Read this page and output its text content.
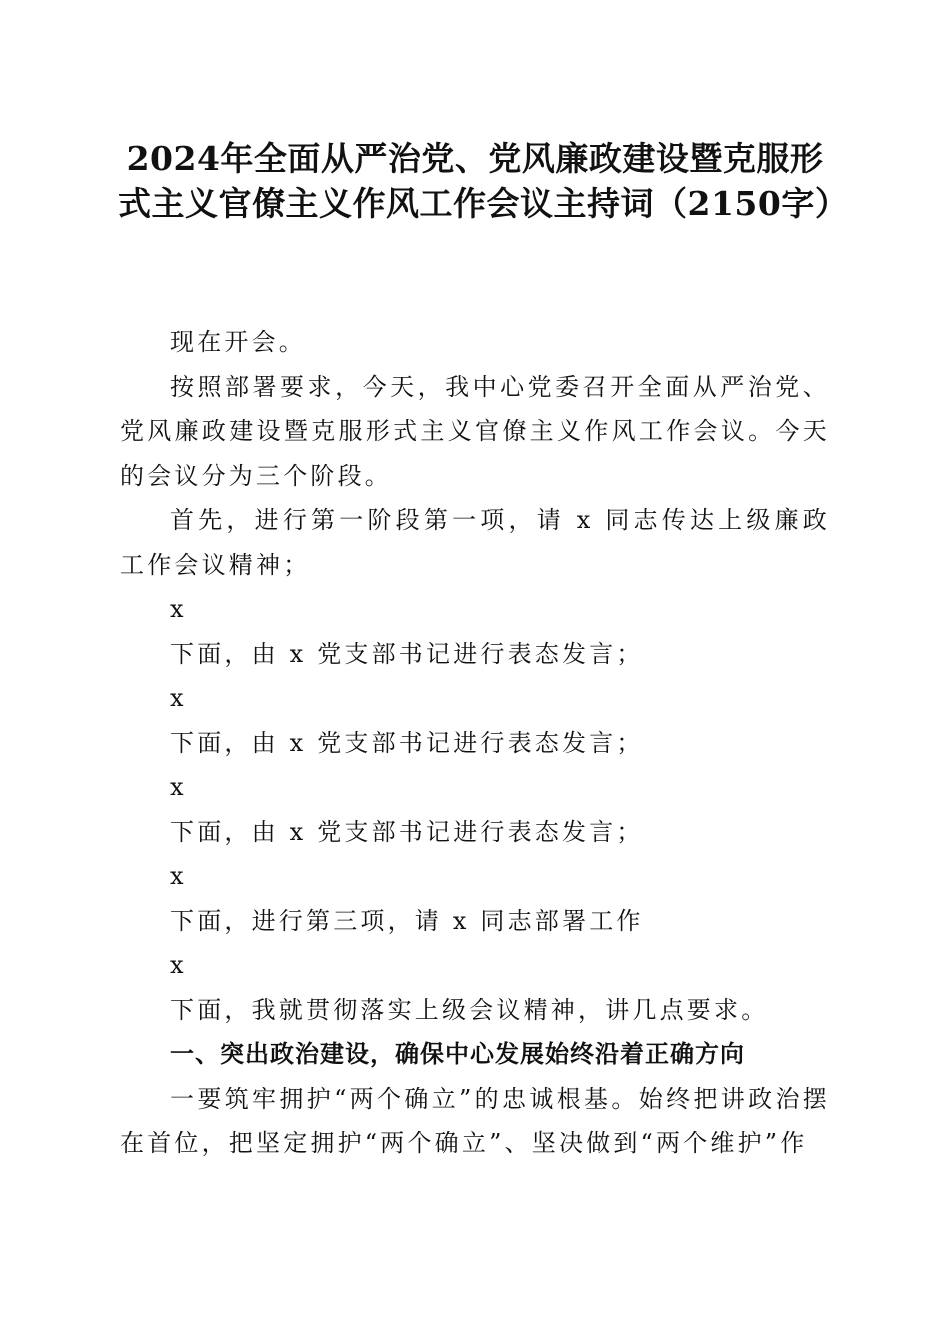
2024年全面从严治党、党风廉政建设暨克服形式主义官僚主义作风工作会议主持词（2150字）

现在开会。

按照部署要求，今天，我中心党委召开全面从严治党、党风廉政建设暨克服形式主义官僚主义作风工作会议。今天的会议分为三个阶段。

首先，进行第一阶段第一项，请 x 同志传达上级廉政工作会议精神；

x

下面，由 x 党支部书记进行表态发言；

x

下面，由 x 党支部书记进行表态发言；

x

下面，由 x 党支部书记进行表态发言；

x

下面，进行第三项，请 x 同志部署工作

x

下面，我就贯彻落实上级会议精神，讲几点要求。

一、突出政治建设，确保中心发展始终沿着正确方向

一要筑牢拥护“两个确立”的忠诚根基。始终把讲政治摆在首位，把坚定拥护“两个确立”、坚决做到“两个维护”作
